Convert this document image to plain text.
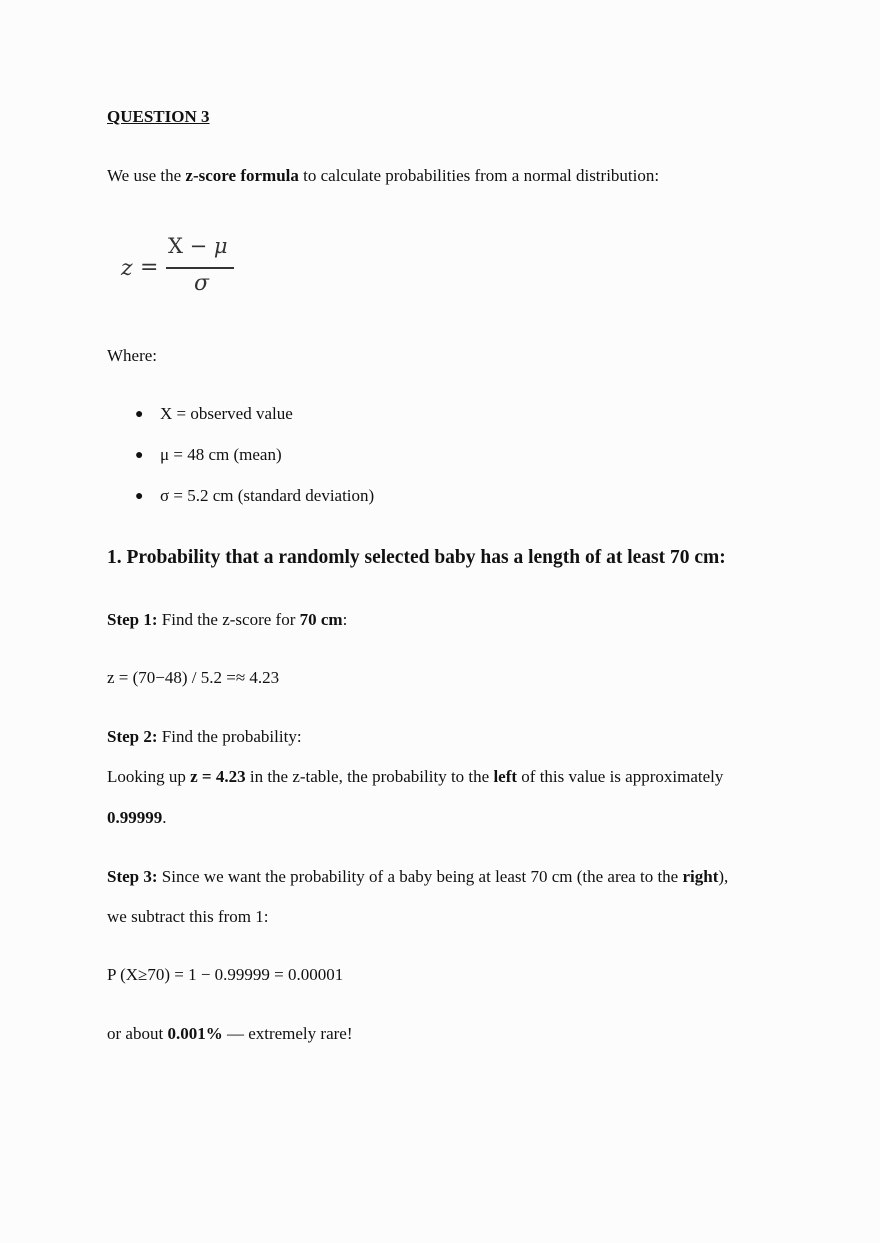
QUESTION 3
We use the z-score formula to calculate probabilities from a normal distribution:
z =
X − μ
σ
Where:
● X = observed value
● μ = 48 cm (mean)
● σ = 5.2 cm (standard deviation)
1. Probability that a randomly selected baby has a length of at least 70 cm:
Step 1: Find the z-score for 70 cm:
z = (70−48) / 5.2 =≈ 4.23
Step 2: Find the probability:
Looking up z = 4.23 in the z-table, the probability to the left of this value is approximately
0.99999.
Step 3: Since we want the probability of a baby being at least 70 cm (the area to the right),
we subtract this from 1:
P (X≥70) = 1 − 0.99999 = 0.00001
or about 0.001% — extremely rare!
